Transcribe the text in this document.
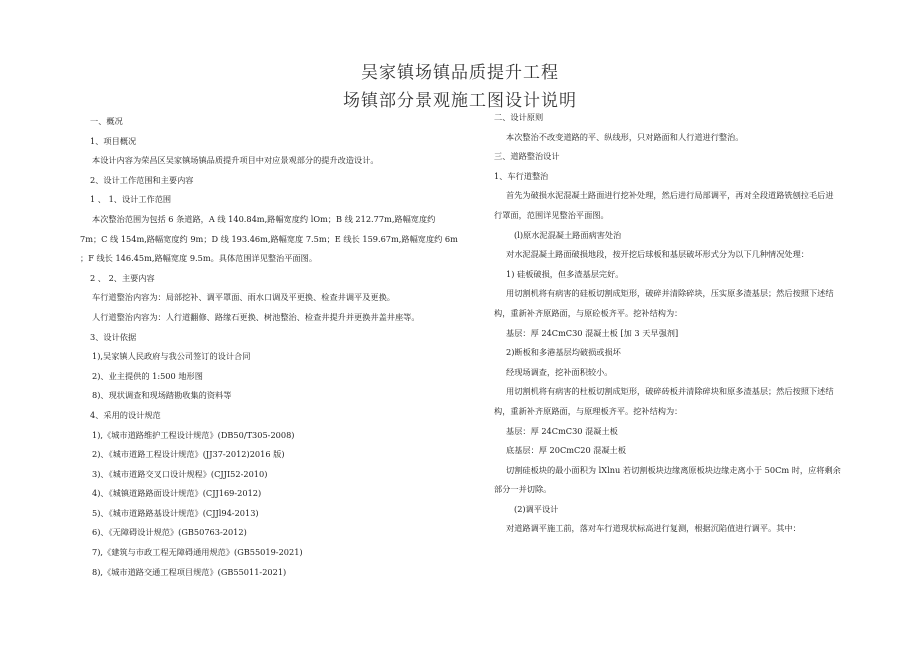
吴家镇场镇品质提升工程
场镇部分景观施工图设计说明

一、概况

1、项目概况

本设计内容为荣昌区吴家镇场镇品质提升项目中对应景观部分的提升改造设计。

2、设计工作范围和主要内容

1 、 1、设计工作范围

本次整治范围为包括 6 条道路，A 线 140.84m,路幅宽度约 lOm；B 线 212.77m,路幅宽度约

7m；C 线 154m,路幅宽度约 9m；D 线 193.46m,路幅宽度 7.5m；E 线长 159.67m,路幅宽度约 6m

；F 线长 146.45m,路幅宽度 9.5m。具体范围详见整治平面图。

2 、 2、主要内容

车行道整治内容为：局部挖补、调平罩面、雨水口调及平更换、检查井调平及更换。

人行道整治内容为：人行道翻修、路缘石更换、树池整治、检查井提升并更换井盖井座等。

3、设计依据

1),吴家镇人民政府与我公司签订的设计合同

2)、业主提供的 1:500 地形图

8)、现状调查和现场踏勘收集的资料等

4、采用的设计规范

1),《城市道路维护工程设计规范》(DB50/T305-2008)

2)、《城市道路工程设计规范》(JJ37-2012)2016 版)

3)、《城市道路交叉口设计规程》(CJJI52-2010)

4)、《城镇道路路面设计规范》(CJJ169-2012)

5)、《城市道路路基设计规范》(CJJl94-2013)

6)、《无障碍设计规范》(GB50763-2012)

7),《建筑与市政工程无障碍通用规范》(GB55019-2021)

8),《城市道路交通工程项目规范》(GB55011-2021)

二、设计原则

本次整治不改变道路的平、纵线形，只对路面和人行道进行整治。

三、道路整治设计

1、车行道整治

首先为破损水泥混凝土路面进行挖补处理，然后进行局部调平，再对全段道路铣刨拉毛后进

行罩面，范围详见整治平面图。

(l)原水泥混凝土路面病害处治

对水泥混凝土路面破损地段，按开挖后球板和基层破坏形式分为以下几种情况处理：

1) 硅板破损，但多渣基层完好。

用切割机将有病害的硅板切割成矩形，破碎并清除碎块，压实原多渣基层；然后按照下述结

构，重新补齐原路面，与原砼板齐平。挖补结构为：

基层：厚 24CmC30 混凝土板 [加 3 天早强剂]

2)断板和多港基层均破损或损坏

经现场调查，挖补面积较小。

用切割机将有病害的杜板切割成矩形，破碎砖板并清除碎块和原多渣基层；然后按照下述结

构，重新补齐原路面，与原理板齐平。挖补结构为：

基层：厚 24CmC30 混凝土板

底基层：厚 20CmC20 混凝土板

切割硅板块的最小面积为 lXlnu 若切割板块边缘离原板块边缘走离小于 50Cm 时，应将剩余

部分一并切除。

(2)调平设计

对道路调平施工前，落对车行道现状标高进行复测，根据沉陷值进行调平。其中：
